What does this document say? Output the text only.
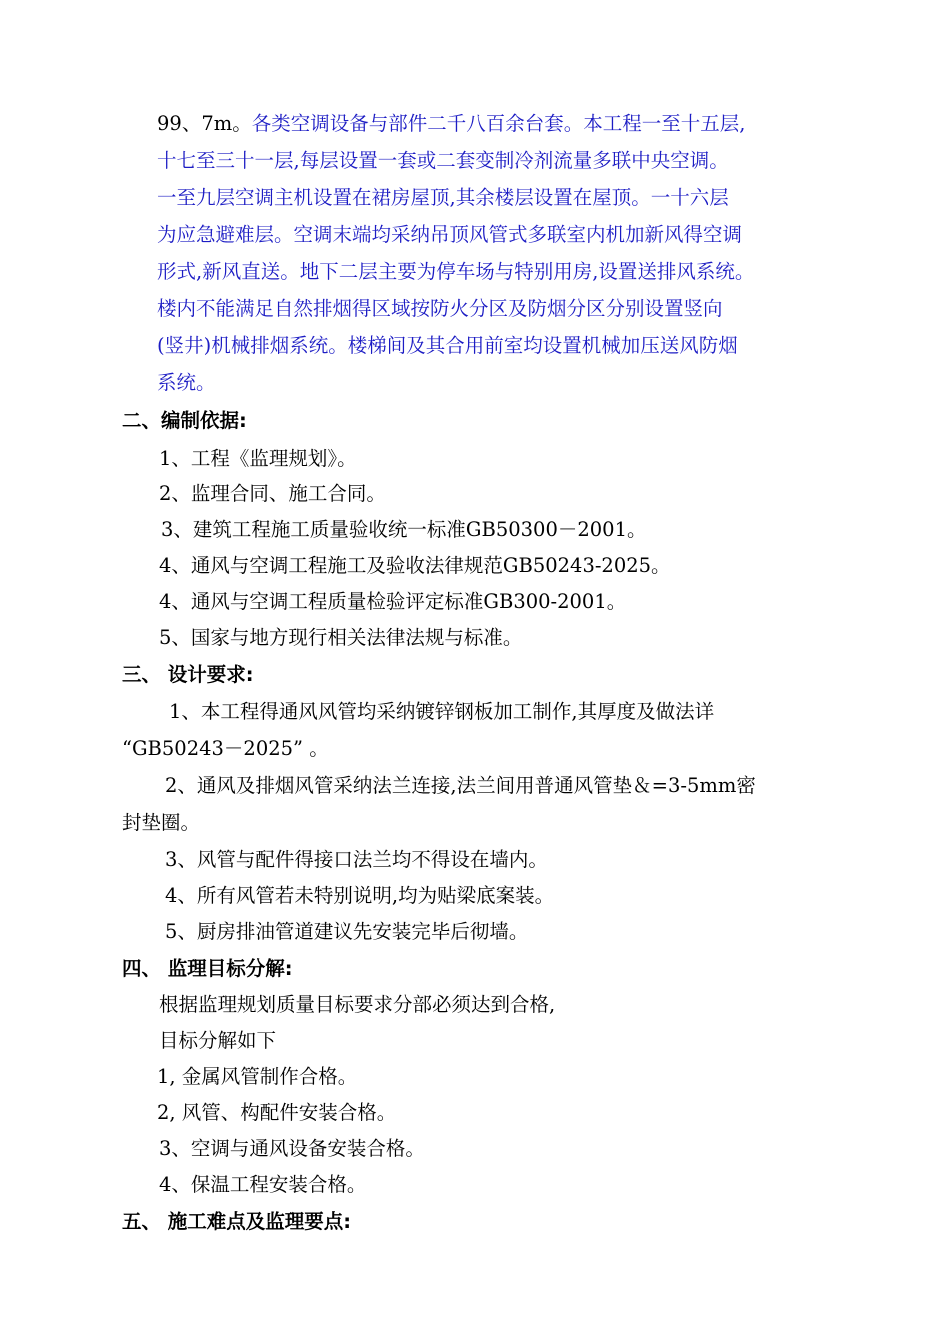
99、7m。各类空调设备与部件二千八百余台套。本工程一至十五层,
十七至三十一层,每层设置一套或二套变制冷剂流量多联中央空调。
一至九层空调主机设置在裙房屋顶,其余楼层设置在屋顶。一十六层
为应急避难层。空调末端均采纳吊顶风管式多联室内机加新风得空调
形式,新风直送。地下二层主要为停车场与特别用房,设置送排风系统。
楼内不能满足自然排烟得区域按防火分区及防烟分区分别设置竖向
(竖井)机械排烟系统。楼梯间及其合用前室均设置机械加压送风防烟
系统。
二、编制依据:
1、工程《监理规划》。
2、监理合同、施工合同。
3、建筑工程施工质量验收统一标准GB50300－2001。
4、通风与空调工程施工及验收法律规范GB50243-2025。
4、通风与空调工程质量检验评定标准GB300-2001。
5、国家与地方现行相关法律法规与标准。
三、 设计要求:
1、本工程得通风风管均采纳镀锌钢板加工制作,其厚度及做法详
“GB50243－2025” 。
2、通风及排烟风管采纳法兰连接,法兰间用普通风管垫＆=3-5mm密
封垫圈。
3、风管与配件得接口法兰均不得设在墙内。
4、所有风管若未特别说明,均为贴梁底案装。
5、厨房排油管道建议先安装完毕后彻墙。
四、 监理目标分解:
根据监理规划质量目标要求分部必须达到合格,
目标分解如下
1, 金属风管制作合格。
2, 风管、构配件安装合格。
3、空调与通风设备安装合格。
4、保温工程安装合格。
五、 施工难点及监理要点:
